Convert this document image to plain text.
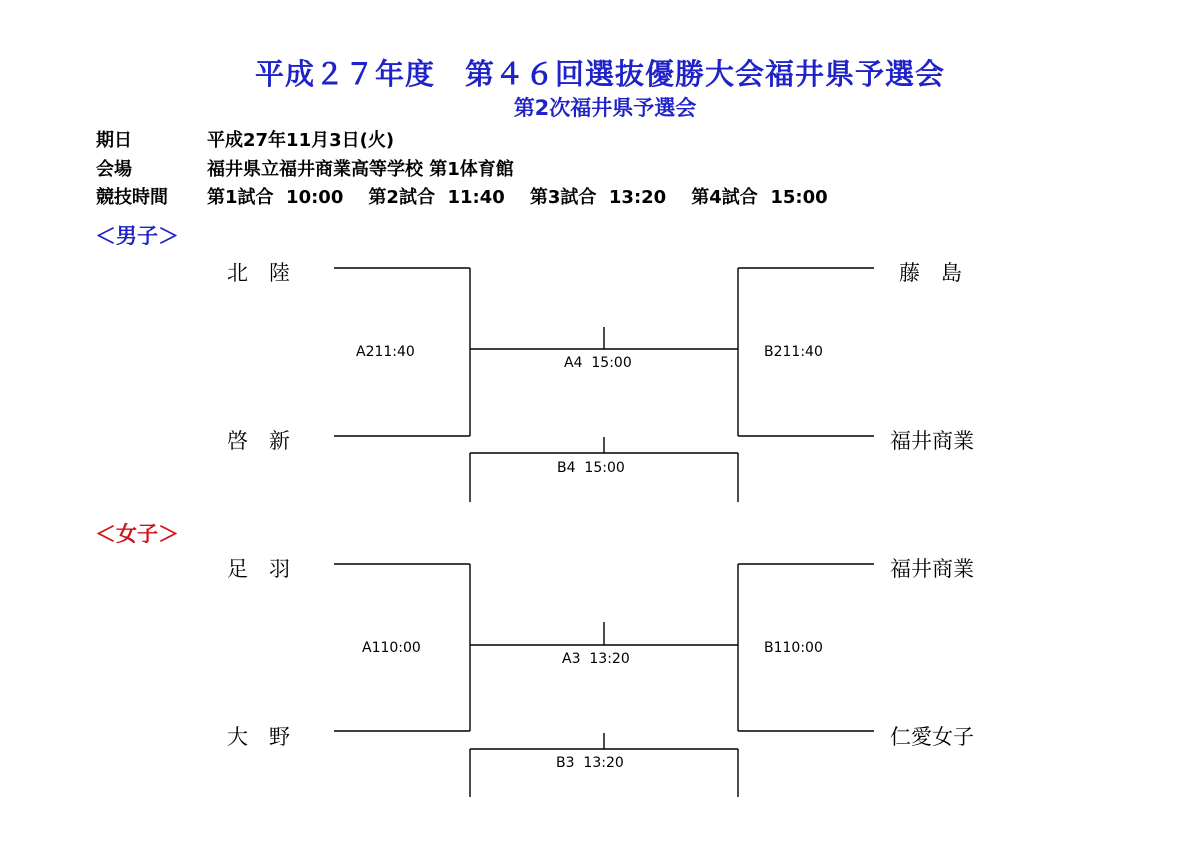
平成２７年度　第４６回選抜優勝大会福井県予選会
第2次福井県予選会
期日	平成27年11月3日(火)
会場	福井県立福井商業高等学校 第1体育館
競技時間 第1試合  10:00    第2試合  11:40    第3試合  13:20    第4試合  15:00
＜男子＞
北　陸
啓　新
藤　島
福井商業
A211:40	B211:40
A4  15:00
B4  15:00
＜女子＞
足　羽
大　野
福井商業
仁愛女子
A110:00	B110:00
A3  13:20
B3  13:20
